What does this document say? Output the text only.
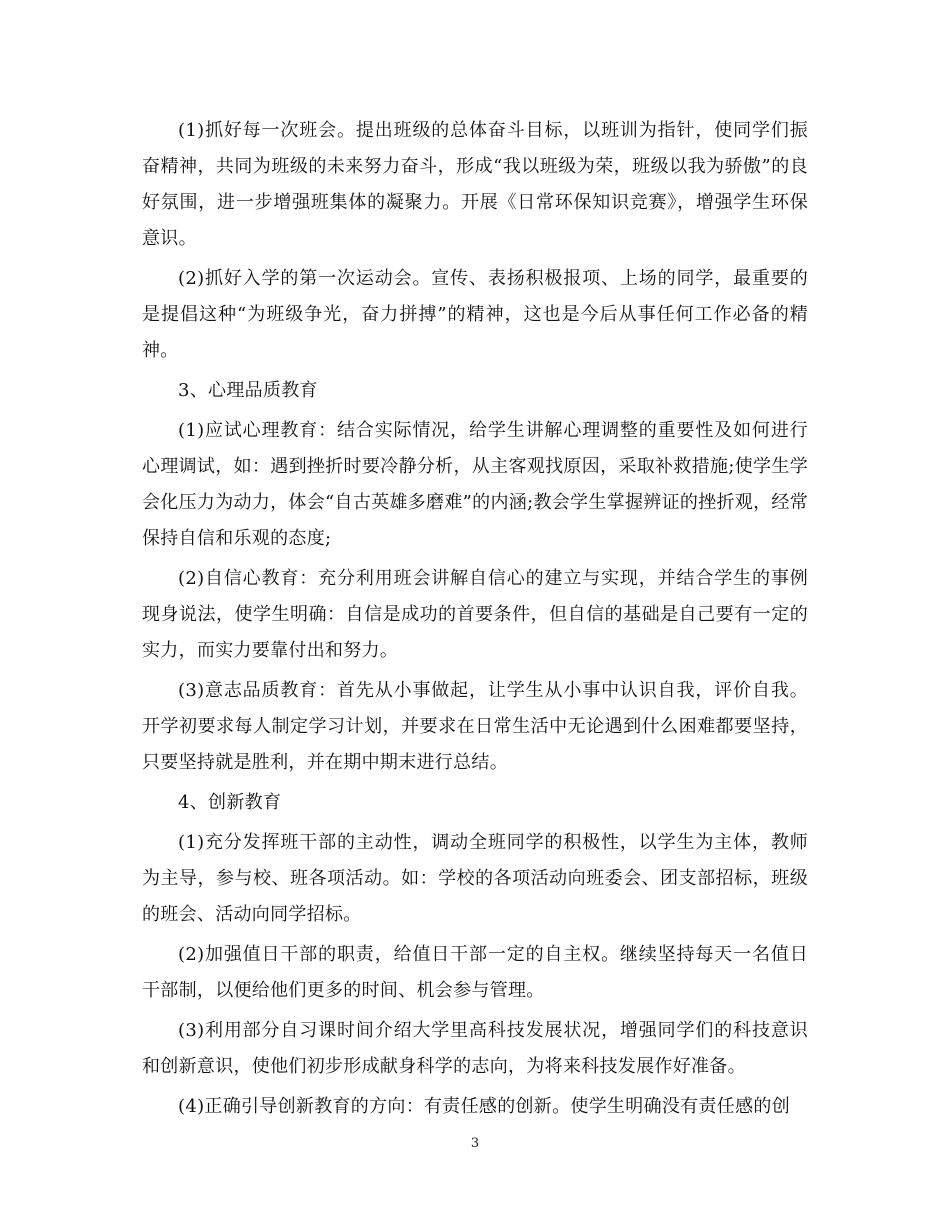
(1)抓好每一次班会。提出班级的总体奋斗目标，以班训为指针，使同学们振奋精神，共同为班级的未来努力奋斗，形成“我以班级为荣，班级以我为骄傲”的良好氛围，进一步增强班集体的凝聚力。开展《日常环保知识竞赛》，增强学生环保意识。

(2)抓好入学的第一次运动会。宣传、表扬积极报项、上场的同学，最重要的是提倡这种“为班级争光，奋力拼搏”的精神，这也是今后从事任何工作必备的精神。

3、心理品质教育

(1)应试心理教育：结合实际情况，给学生讲解心理调整的重要性及如何进行心理调试，如：遇到挫折时要冷静分析，从主客观找原因，采取补救措施;使学生学会化压力为动力，体会“自古英雄多磨难”的内涵;教会学生掌握辨证的挫折观，经常保持自信和乐观的态度;

(2)自信心教育：充分利用班会讲解自信心的建立与实现，并结合学生的事例现身说法，使学生明确：自信是成功的首要条件，但自信的基础是自己要有一定的实力，而实力要靠付出和努力。

(3)意志品质教育：首先从小事做起，让学生从小事中认识自我，评价自我。开学初要求每人制定学习计划，并要求在日常生活中无论遇到什么困难都要坚持，只要坚持就是胜利，并在期中期末进行总结。

4、创新教育

(1)充分发挥班干部的主动性，调动全班同学的积极性，以学生为主体，教师为主导，参与校、班各项活动。如：学校的各项活动向班委会、团支部招标，班级的班会、活动向同学招标。

(2)加强值日干部的职责，给值日干部一定的自主权。继续坚持每天一名值日干部制，以便给他们更多的时间、机会参与管理。

(3)利用部分自习课时间介绍大学里高科技发展状况，增强同学们的科技意识和创新意识，使他们初步形成献身科学的志向，为将来科技发展作好准备。

(4)正确引导创新教育的方向：有责任感的创新。使学生明确没有责任感的创

3
